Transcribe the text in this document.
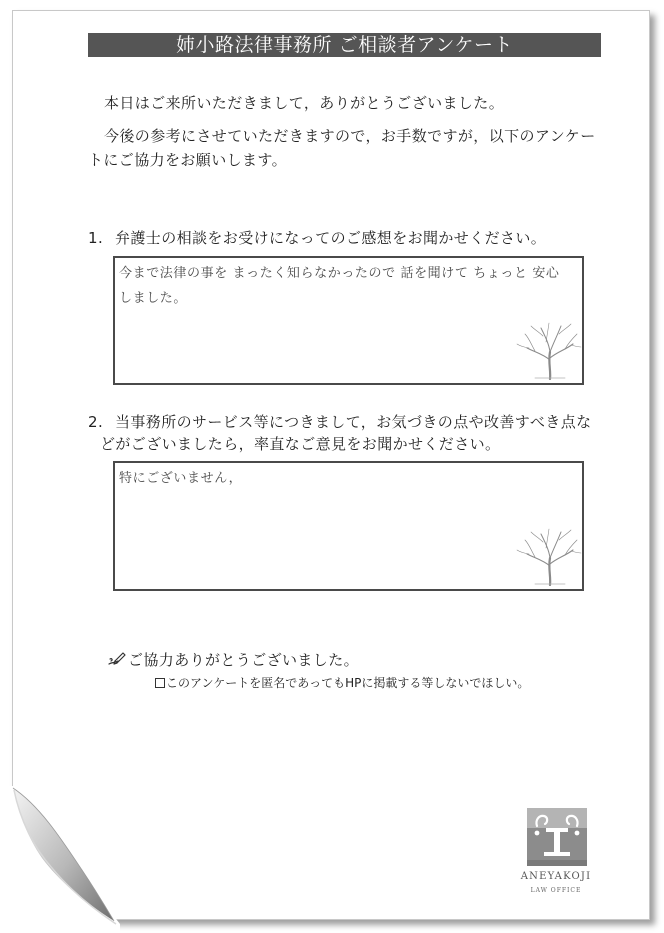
姉小路法律事務所 ご相談者アンケート
本日はご来所いただきまして，ありがとうございました。
今後の参考にさせていただきますので，お手数ですが，以下のアンケー
トにご協力をお願いします。
1. 弁護士の相談をお受けになってのご感想をお聞かせください。
今まで法律の事を まったく知らなかったので 話を聞けて ちょっと 安心
しました。
2. 当事務所のサービス等につきまして，お気づきの点や改善すべき点な
どがございましたら，率直なご意見をお聞かせください。
特にございません，
ご協力ありがとうございました。
このアンケートを匿名であってもHPに掲載する等しないでほしい。
ANEYAKOJI
LAW OFFICE
